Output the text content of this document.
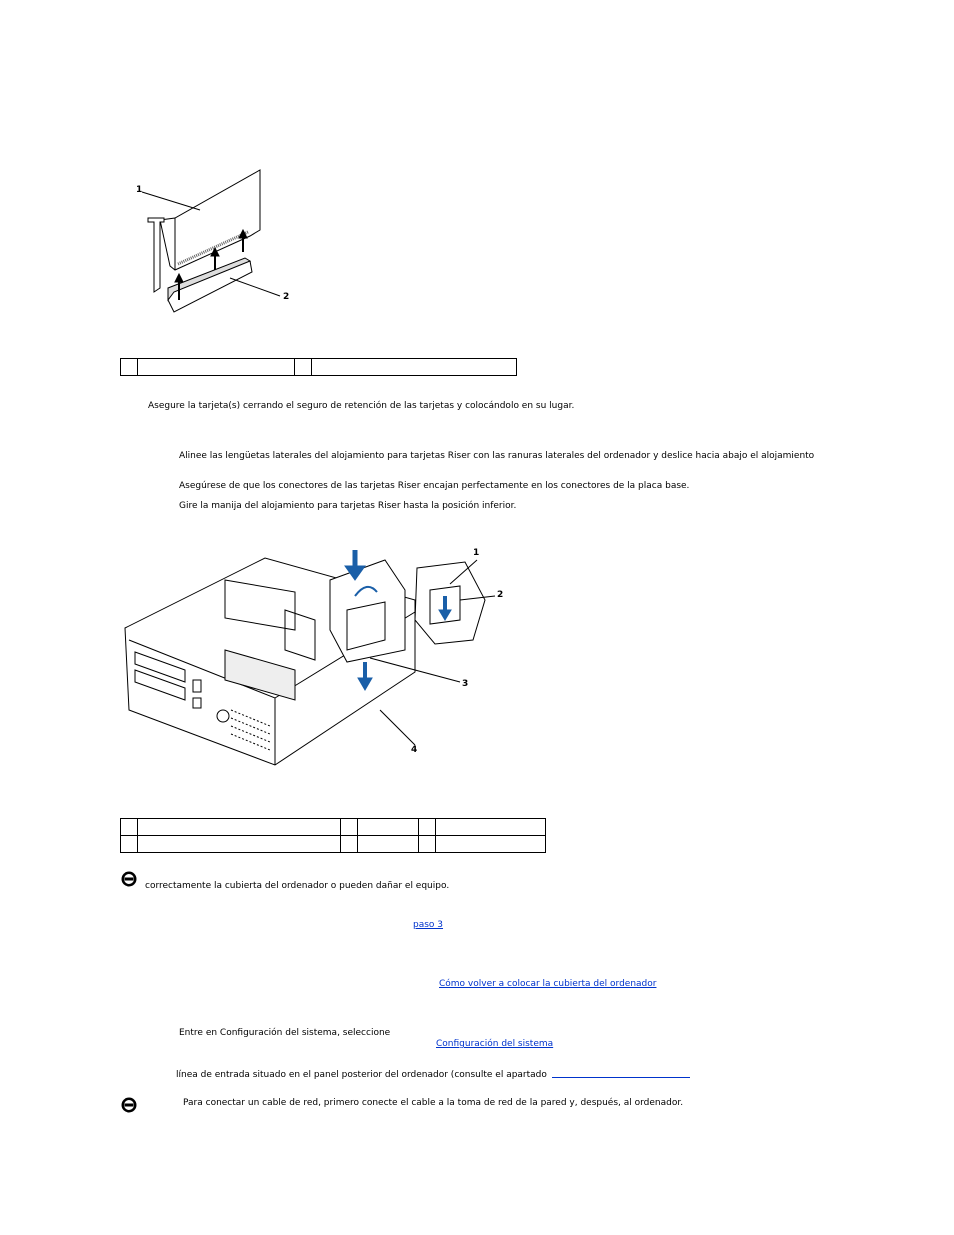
1
2

Asegure la tarjeta(s) cerrando el seguro de retención de las tarjetas y colocándolo en su lugar.
Alinee las lengüetas laterales del alojamiento para tarjetas Riser con las ranuras laterales del ordenador y deslice hacia abajo el alojamiento
Asegúrese de que los conectores de las tarjetas Riser encajan perfectamente en los conectores de la placa base.
Gire la manija del alojamiento para tarjetas Riser hasta la posición inferior.
1
2
3
4

correctamente la cubierta del ordenador o pueden dañar el equipo.
paso 3
Cómo volver a colocar la cubierta del ordenador
Entre en Configuración del sistema, seleccione
Configuración del sistema
línea de entrada situado en el panel posterior del ordenador (consulte el apartado
Para conectar un cable de red, primero conecte el cable a la toma de red de la pared y, después, al ordenador.
